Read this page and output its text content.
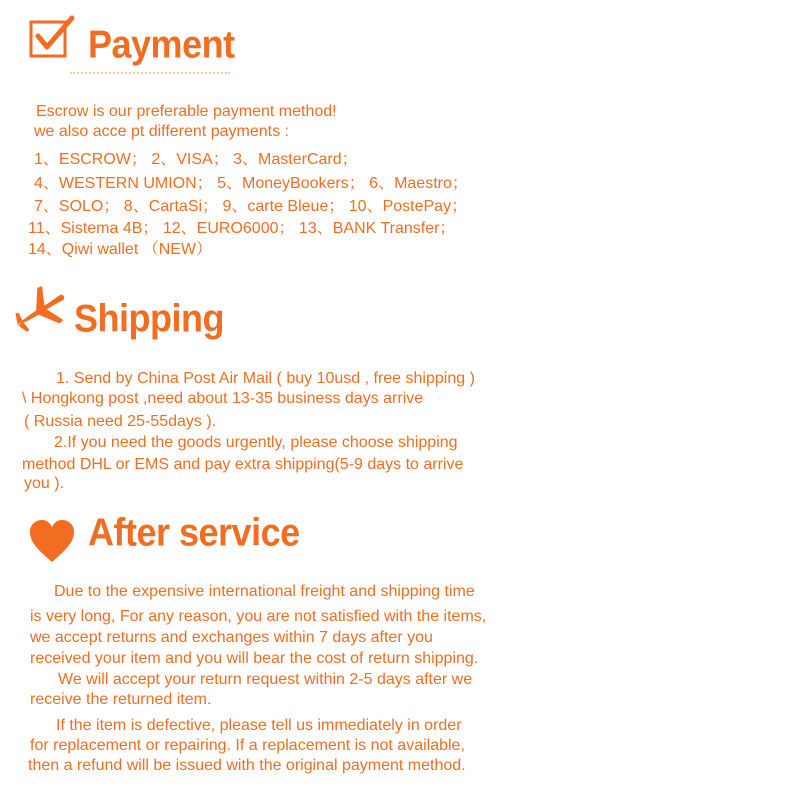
Payment
Escrow is our preferable payment method!
we also acce pt different payments :
1、ESCROW； 2、VISA； 3、MasterCard；
4、WESTERN UMION； 5、MoneyBookers； 6、Maestro；
7、SOLO； 8、CartaSi； 9、carte Bleue； 10、PostePay；
11、Sistema 4B； 12、EURO6000； 13、BANK Transfer；
14、Qiwi wallet （NEW）
Shipping
1. Send by China Post Air Mail ( buy 10usd , free shipping )
\ Hongkong post ,need about 13-35 business days arrive
( Russia need 25-55days ).
2.If you need the goods urgently, please choose shipping
method DHL or EMS and pay extra shipping(5-9 days to arrive
you ).
After service
Due to the expensive international freight and shipping time
is very long, For any reason, you are not satisfied with the items,
we accept returns and exchanges within 7 days after you
received your item and you will bear the cost of return shipping.
We will accept your return request within 2-5 days after we
receive the returned item.
If the item is defective, please tell us immediately in order
for replacement or repairing. If a replacement is not available,
then a refund will be issued with the original payment method.
